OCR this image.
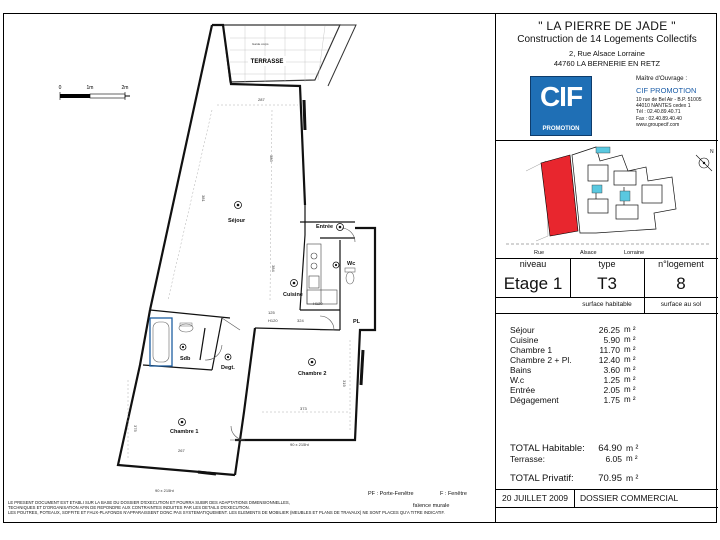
0	1m	2m
TERRASSE
287
383
384
381
373
319
375
267
324
125
H120
H120
90 x 215ht
90 x 215ht
Garde corps
Séjour
Cuisine
Entrée
Wc
Sdb
Degt.
Chambre 2
Chambre 1
PL
PF : Porte-Fenêtre	F : Fenêtre
faïence murale
LE PRESENT DOCUMENT EST ETABLI SUR LA BASE DU DOSSIER D'EXECUTION ET POURRA SUBIR DES ADAPTATIONS DIMENSIONNELLES,
TECHNIQUES ET D'ORGANISATION AFIN DE REPONDRE AUX CONTRAINTES INDUITES PAR LES DETAILS D'EXECUTION.
LES POUTRES, POTEAUX, SOFFITE ET FAUX-PLAFONDS N'APPARAISSENT DONC PAS SYSTEMATIQUEMENT. LES ELEMENTS DE MOBILIER (MEUBLES ET PLANS DE TRAVAUX) NE SONT PLACES QU'A TITRE INDICATIF.
" LA PIERRE DE JADE "
Construction de 14 Logements Collectifs
2, Rue Alsace Lorraine
44760 LA BERNERIE EN RETZ
CIF
PROMOTION
Maître d'Ouvrage :
CIF PROMOTION
10 rue de Bel Air - B.P. 51005
44010 NANTES cedex 1
Tél : 02.40.89.40.71
Fax : 02.40.89.40.40
www.groupecif.com
Rue	Alsace	Lorraine
N
niveau	type	n°logement
Etage 1	T3	8
surface habitable	surface au sol
Séjour	26.25 m ²
Cuisine	5.90 m ²
Chambre 1	11.70 m ²
Chambre 2 + Pl.	12.40 m ²
Bains	3.60 m ²
W.c	1.25 m ²
Entrée	2.05 m ²
Dégagement	1.75 m ²
TOTAL Habitable:	64.90 m ²
Terrasse:	6.05 m ²
TOTAL Privatif:	70.95 m ²
20 JUILLET 2009 DOSSIER COMMERCIAL
